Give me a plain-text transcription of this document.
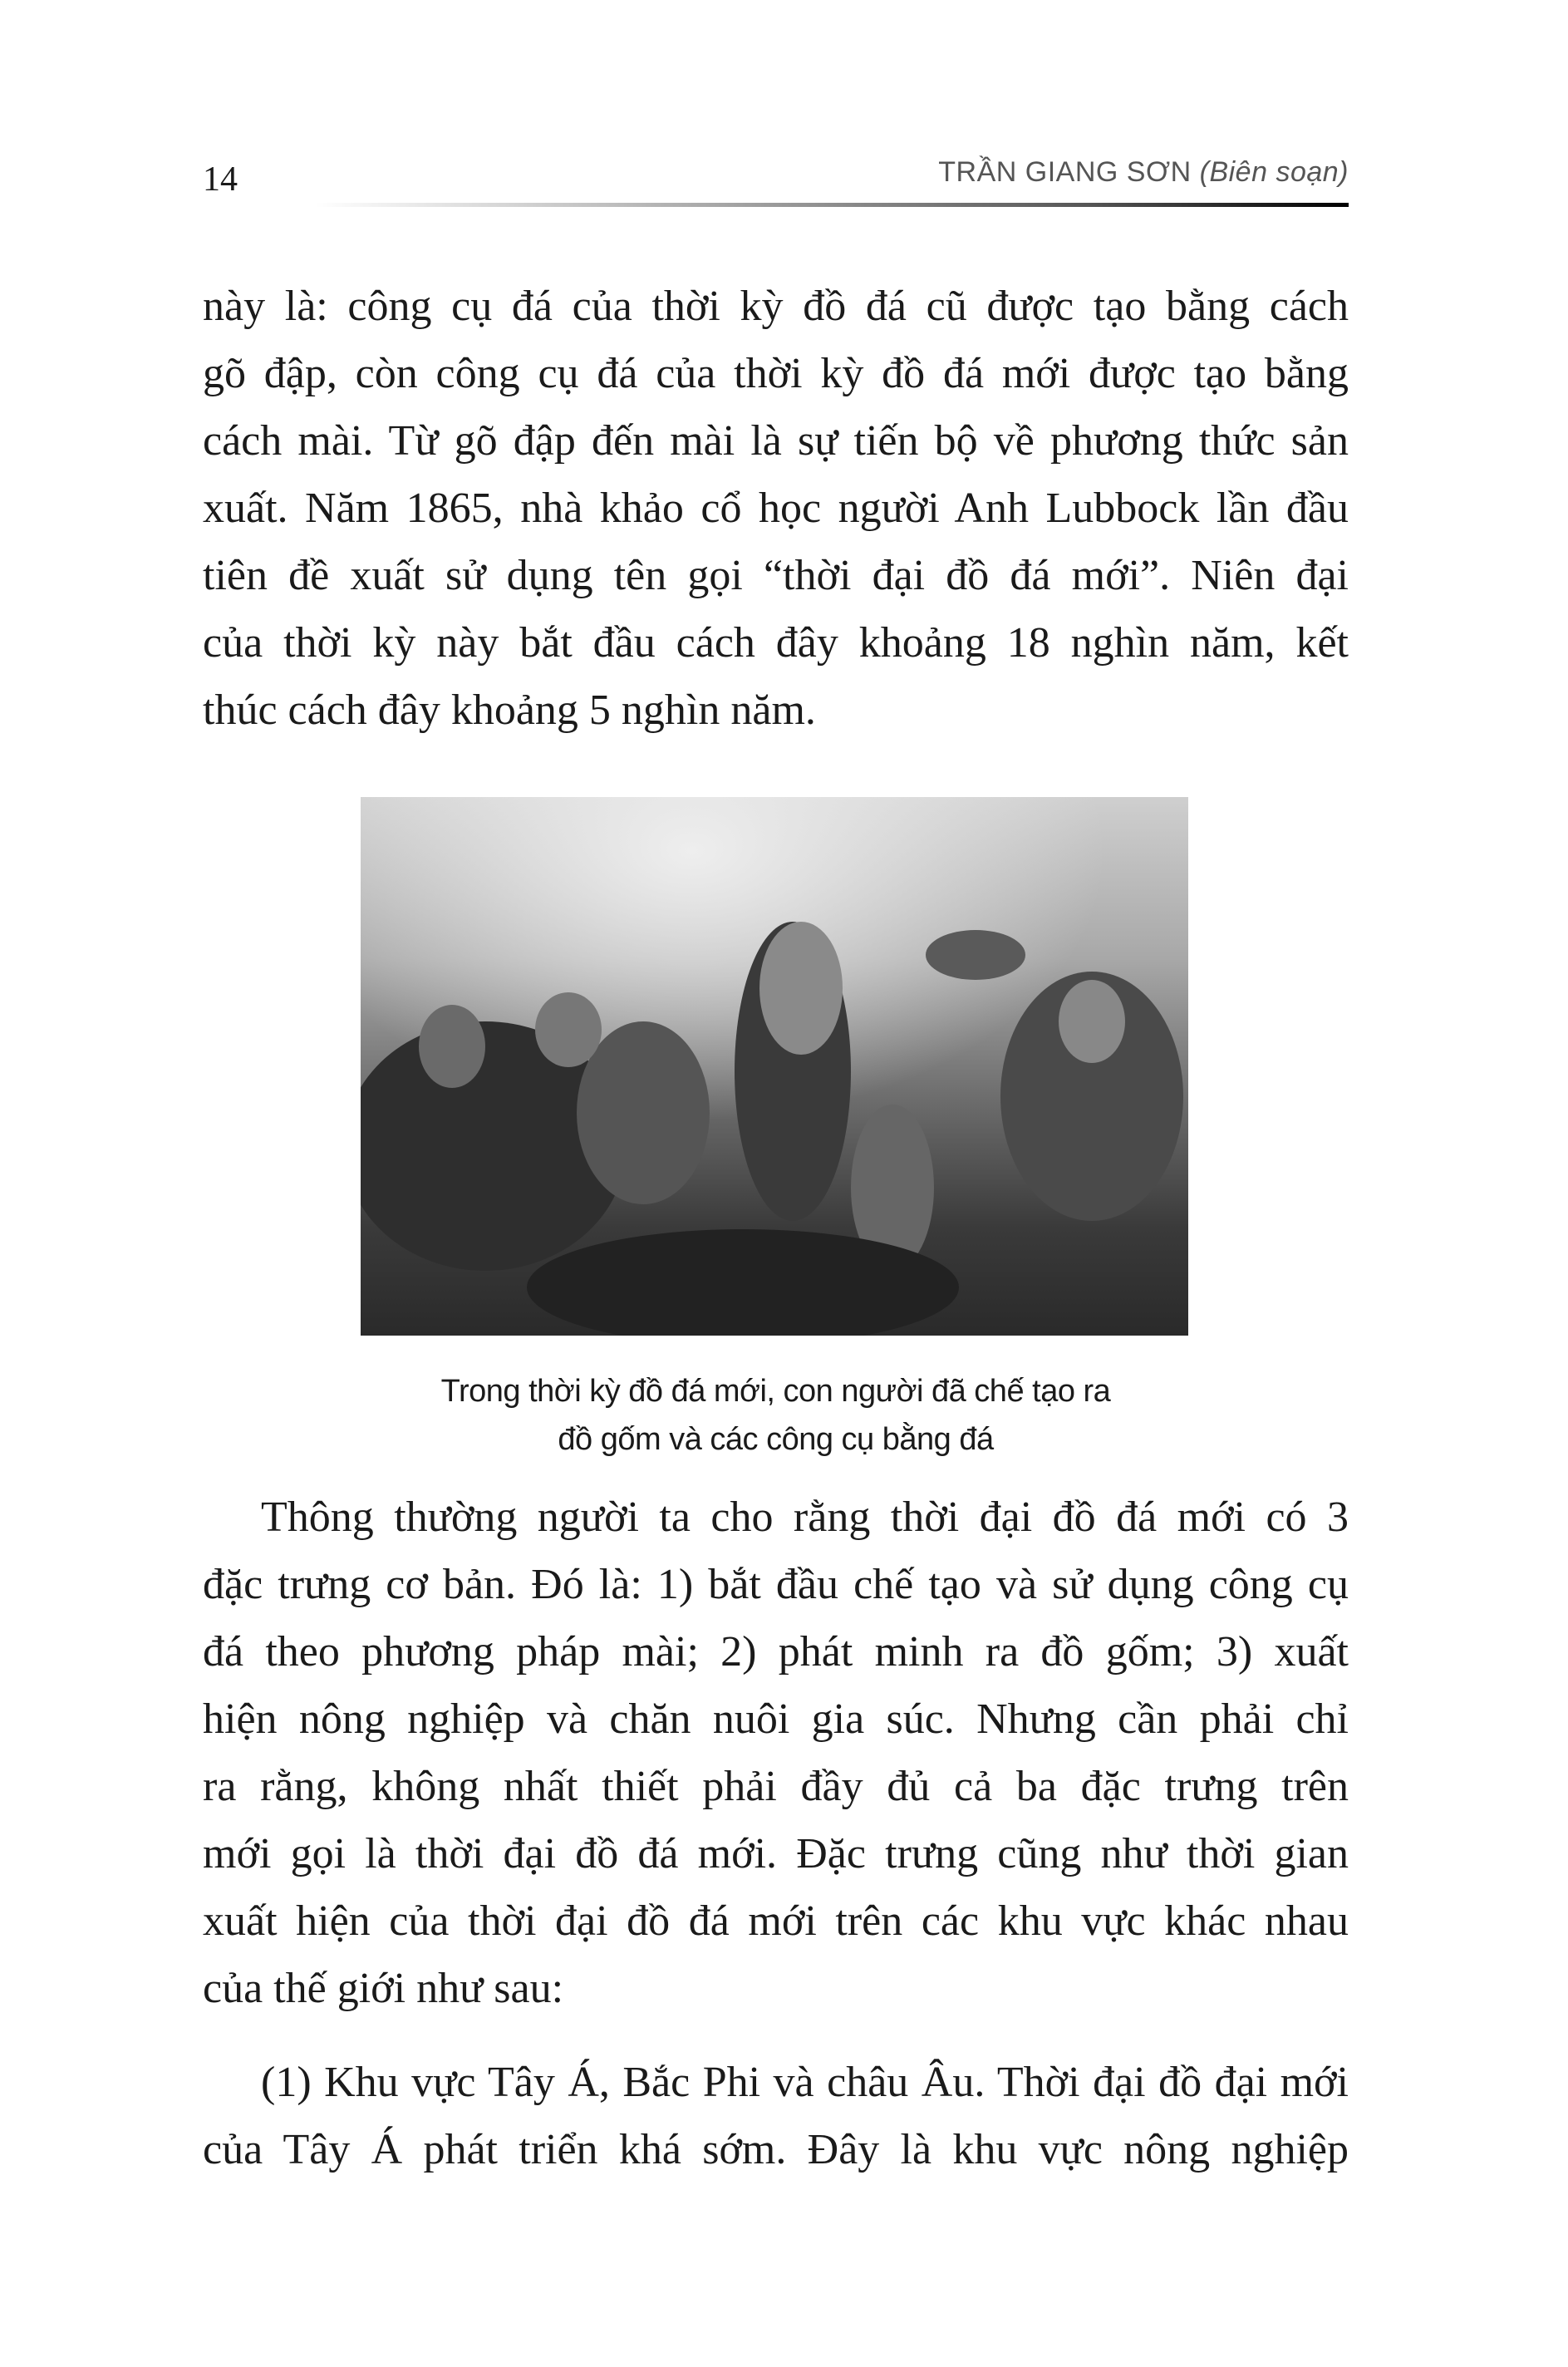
14	TRẦN GIANG SƠN (Biên soạn)
này là: công cụ đá của thời kỳ đồ đá cũ được tạo bằng cách
gõ đập, còn công cụ đá của thời kỳ đồ đá mới được tạo bằng
cách mài. Từ gõ đập đến mài là sự tiến bộ về phương thức sản
xuất. Năm 1865, nhà khảo cổ học người Anh Lubbock lần đầu
tiên đề xuất sử dụng tên gọi “thời đại đồ đá mới”. Niên đại
của thời kỳ này bắt đầu cách đây khoảng 18 nghìn năm, kết
thúc cách đây khoảng 5 nghìn năm.
Trong thời kỳ đồ đá mới, con người đã chế tạo ra
đồ gốm và các công cụ bằng đá
Thông thường người ta cho rằng thời đại đồ đá mới có 3
đặc trưng cơ bản. Đó là: 1) bắt đầu chế tạo và sử dụng công cụ
đá theo phương pháp mài; 2) phát minh ra đồ gốm; 3) xuất
hiện nông nghiệp và chăn nuôi gia súc. Nhưng cần phải chỉ
ra rằng, không nhất thiết phải đầy đủ cả ba đặc trưng trên
mới gọi là thời đại đồ đá mới. Đặc trưng cũng như thời gian
xuất hiện của thời đại đồ đá mới trên các khu vực khác nhau
của thế giới như sau:
(1) Khu vực Tây Á, Bắc Phi và châu Âu. Thời đại đồ đại mới
của Tây Á phát triển khá sớm. Đây là khu vực nông nghiệp
